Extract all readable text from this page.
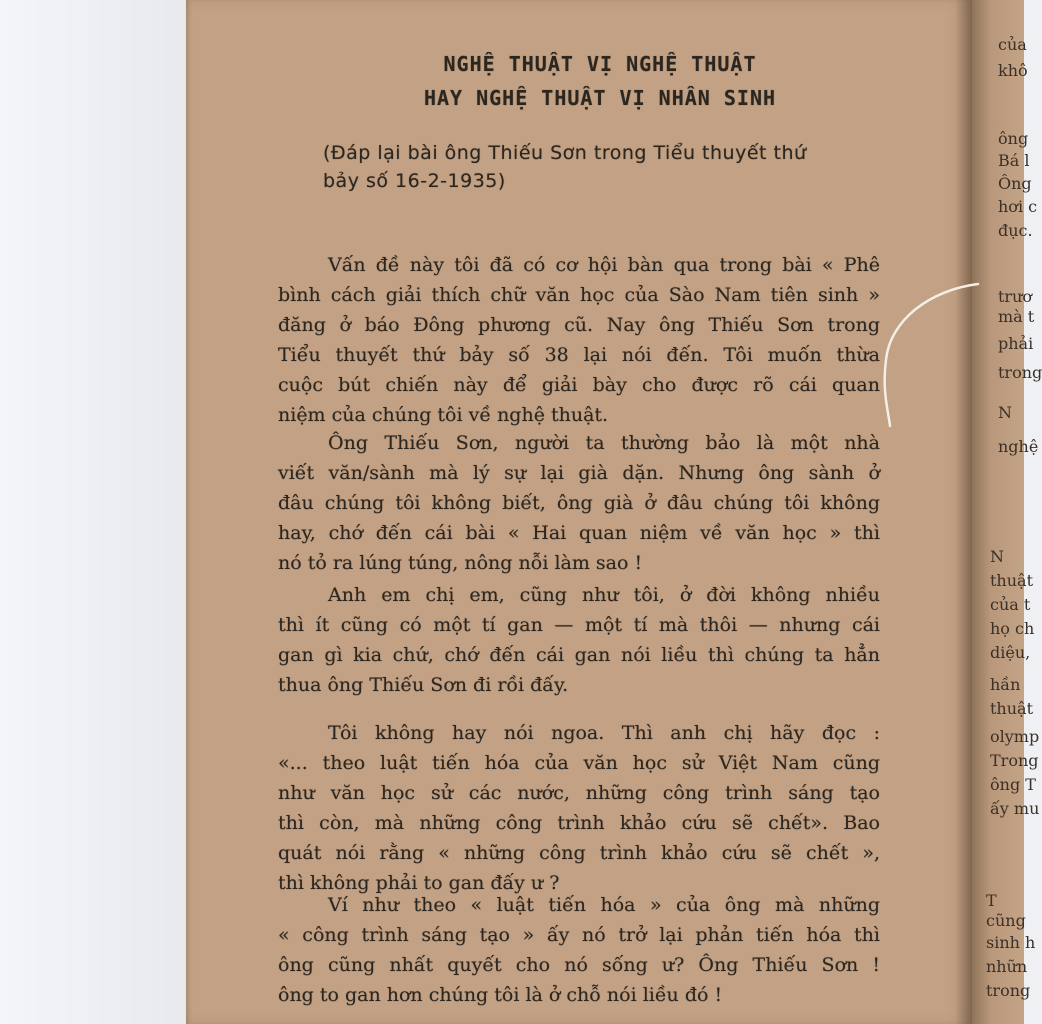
của
khô
ông
Bá l
Ông
hơi c
đục.
trươ
mà t
phải
trong
N
nghệ
N
thuật
của t
họ ch
diệu,
hần
thuật
olymp
Trong
ông T
ấy mu
T
cũng
sinh h
nhữn
trong
NGHỆ THUẬT VỊ NGHỆ THUẬT
HAY NGHỆ THUẬT VỊ NHÂN SINH

(Đáp lại bài ông Thiếu Sơn trong Tiểu thuyết thứ

bảy số 16-2-1935)

Vấn đề này tôi đã có cơ hội bàn qua trong bài « Phê
bình cách giải thích chữ văn học của Sào Nam tiên sinh »
đăng ở báo Đông phương cũ. Nay ông Thiếu Sơn trong
Tiểu thuyết thứ bảy số 38 lại nói đến. Tôi muốn thừa
cuộc bút chiến này để giải bày cho được rõ cái quan
niệm của chúng tôi về nghệ thuật.
Ông Thiếu Sơn, người ta thường bảo là một nhà
viết văn/sành mà lý sự lại già dặn. Nhưng ông sành ở
đâu chúng tôi không biết, ông già ở đâu chúng tôi không
hay, chớ đến cái bài « Hai quan niệm về văn học » thì
nó tỏ ra lúng túng, nông nỗi làm sao !
Anh em chị em, cũng như tôi, ở đời không nhiều
thì ít cũng có một tí gan — một tí mà thôi — nhưng cái
gan gì kia chứ, chớ đến cái gan nói liều thì chúng ta hẳn
thua ông Thiếu Sơn đi rồi đấy.
Tôi không hay nói ngoa. Thì anh chị hãy đọc :
«... theo luật tiến hóa của văn học sử Việt Nam cũng
như văn học sử các nước, những công trình sáng tạo
thì còn, mà những công trình khảo cứu sẽ chết». Bao
quát nói rằng « những công trình khảo cứu sẽ chết »,
thì không phải to gan đấy ư ?
Ví như theo « luật tiến hóa » của ông mà những
« công trình sáng tạo » ấy nó trở lại phản tiến hóa thì
ông cũng nhất quyết cho nó sống ư? Ông Thiếu Sơn !
ông to gan hơn chúng tôi là ở chỗ nói liều đó !
